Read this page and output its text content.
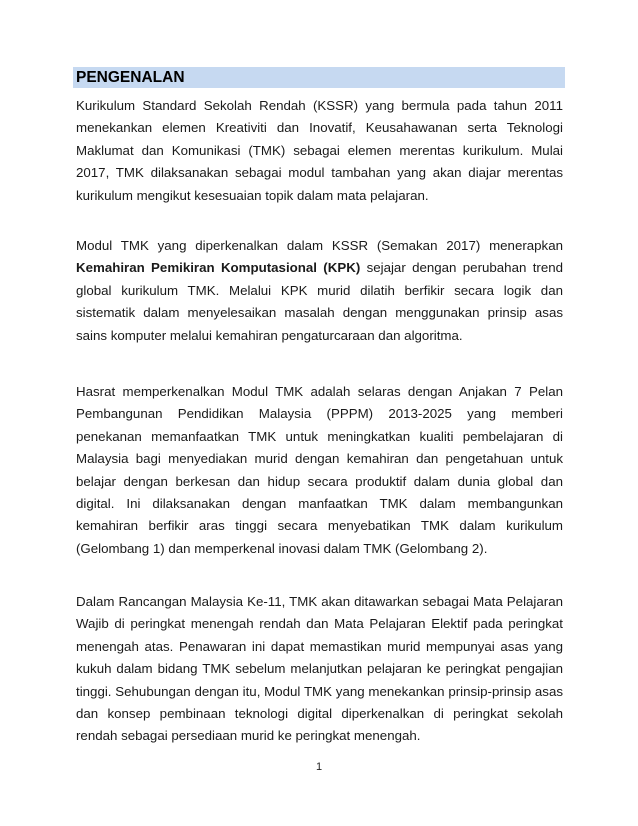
PENGENALAN

Kurikulum Standard Sekolah Rendah (KSSR) yang bermula pada tahun 2011 menekankan elemen Kreativiti dan Inovatif, Keusahawanan serta Teknologi Maklumat dan Komunikasi (TMK) sebagai elemen merentas kurikulum. Mulai 2017, TMK dilaksanakan sebagai modul tambahan yang akan diajar merentas kurikulum mengikut kesesuaian topik dalam mata pelajaran.

Modul TMK yang diperkenalkan dalam KSSR (Semakan 2017) menerapkan Kemahiran Pemikiran Komputasional (KPK) sejajar dengan perubahan trend global kurikulum TMK. Melalui KPK murid dilatih berfikir secara logik dan sistematik dalam menyelesaikan masalah dengan menggunakan prinsip asas sains komputer melalui kemahiran pengaturcaraan dan algoritma.

Hasrat memperkenalkan Modul TMK adalah selaras dengan Anjakan 7 Pelan Pembangunan Pendidikan Malaysia (PPPM) 2013-2025 yang memberi penekanan memanfaatkan TMK untuk meningkatkan kualiti pembelajaran di Malaysia bagi menyediakan murid dengan kemahiran dan pengetahuan untuk belajar dengan berkesan dan hidup secara produktif dalam dunia global dan digital. Ini dilaksanakan dengan manfaatkan TMK dalam membangunkan kemahiran berfikir aras tinggi secara menyebatikan TMK dalam kurikulum (Gelombang 1) dan memperkenal inovasi dalam TMK (Gelombang 2).

Dalam Rancangan Malaysia Ke-11, TMK akan ditawarkan sebagai Mata Pelajaran Wajib di peringkat menengah rendah dan Mata Pelajaran Elektif pada peringkat menengah atas. Penawaran ini dapat memastikan murid mempunyai asas yang kukuh dalam bidang TMK sebelum melanjutkan pelajaran ke peringkat pengajian tinggi. Sehubungan dengan itu, Modul TMK yang menekankan prinsip-prinsip asas dan konsep pembinaan teknologi digital diperkenalkan di peringkat sekolah rendah sebagai persediaan murid ke peringkat menengah.

1
